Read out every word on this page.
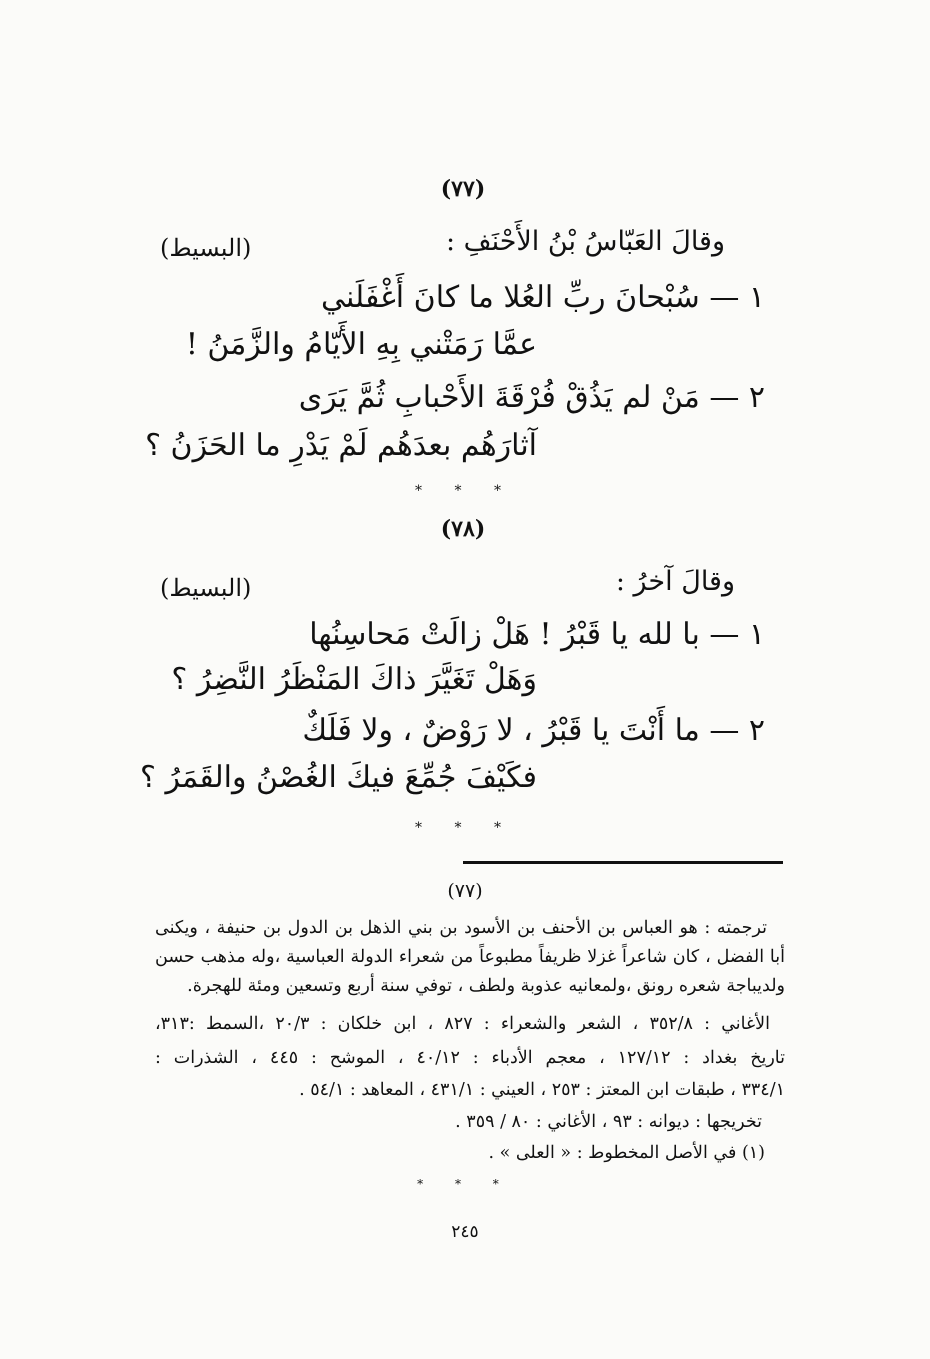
(٧٧)
وقالَ العَبّاسُ بْنُ الأَحْنَفِ :
(البسيط)
١ — سُبْحانَ ربِّ العُلا ما كانَ أَغْفَلَني
عمَّا رَمَتْني بِهِ الأَيّامُ والزَّمَنُ !
٢ — مَنْ لم يَذُقْ فُرْقَةَ الأَحْبابِ ثُمَّ يَرَى
آثارَهُم بعدَهُم لَمْ يَدْرِ ما الحَزَنُ ؟
* * *
(٧٨)
وقالَ آخرُ :
(البسيط)
١ — با لله يا قَبْرُ ! هَلْ زالَتْ مَحاسِنُها
وَهَلْ تَغَيَّرَ ذاكَ المَنْظَرُ النَّضِرُ ؟
٢ — ما أَنْتَ يا قَبْرُ ، لا رَوْضٌ ، ولا فَلَكٌ
فكَيْفَ جُمِّعَ فيكَ الغُصْنُ والقَمَرُ ؟
* * *
(٧٧)
ترجمته : هو العباس بن الأحنف بن الأسود بن بني الذهل بن الدول بن حنيفة ، ويكنى
أبا الفضل ، كان شاعراً غزلا ظريفاً مطبوعاً من شعراء الدولة العباسية ،وله مذهب حسن
ولديباجة شعره رونق ،ولمعانيه عذوبة ولطف ، توفي سنة أربع وتسعين ومئة للهجرة.
الأغاني : ٣٥٢/٨ ، الشعر والشعراء : ٨٢٧ ، ابن خلكان : ٢٠/٣ ،السمط :٣١٣،
تاريخ بغداد : ١٢٧/١٢ ، معجم الأدباء : ٤٠/١٢ ، الموشح : ٤٤٥ ، الشذرات :
٣٣٤/١ ، طبقات ابن المعتز : ٢٥٣ ، العيني : ٤٣١/١ ، المعاهد : ٥٤/١ .
تخريجها : ديوانه : ٩٣ ، الأغاني : ٨٠ / ٣٥٩ .
(١) في الأصل المخطوط : « العلى » .
* * *
٢٤٥
